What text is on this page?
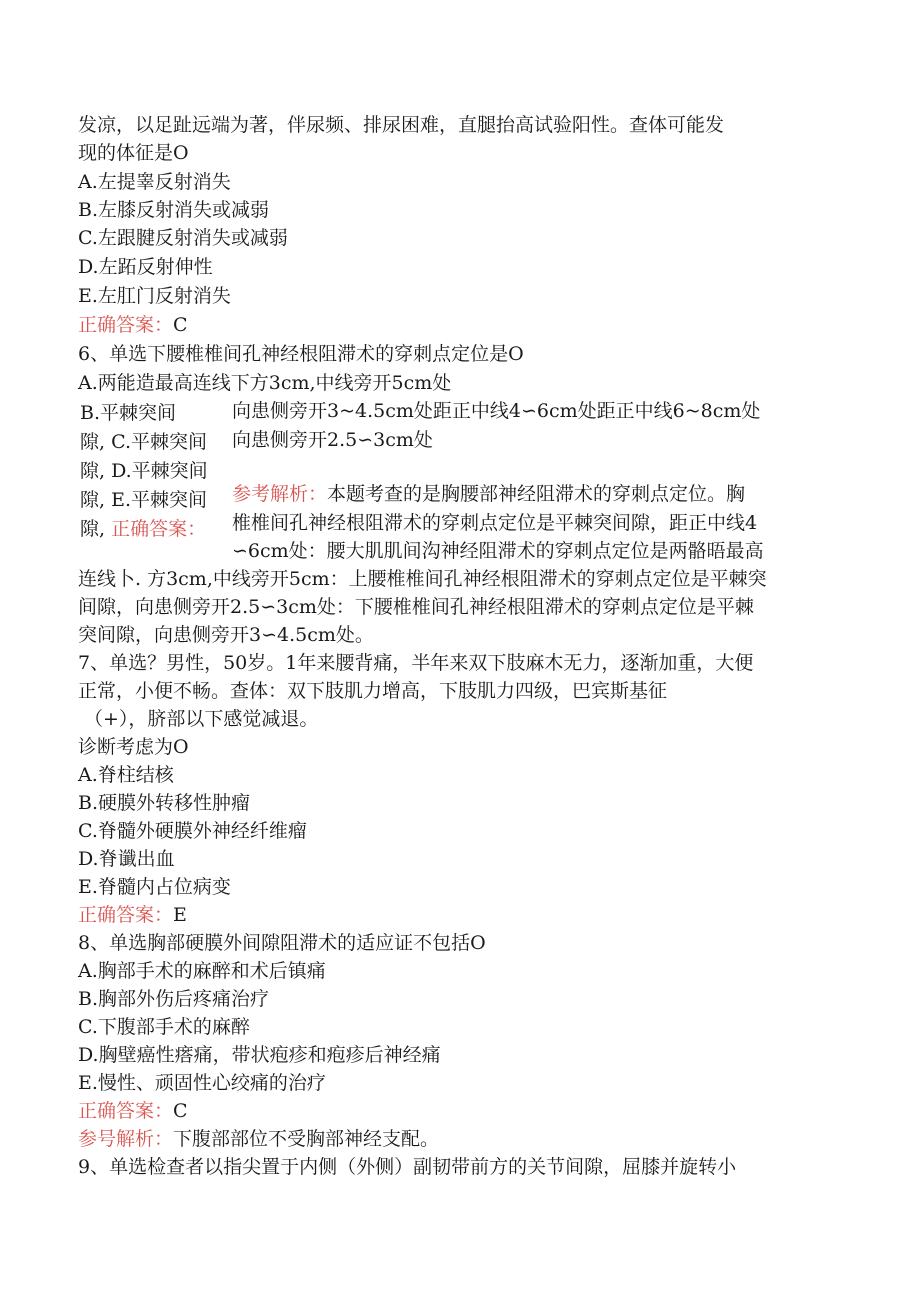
发凉，以足趾远端为著，伴尿频、排尿困难，直腿抬高试验阳性。查体可能发
现的体征是O
A.左提睾反射消失
B.左膝反射消失或减弱
C.左跟腱反射消失或减弱
D.左跖反射伸性
E.左肛门反射消失
正确答案：C
6、单选下腰椎椎间孔神经根阻滞术的穿刺点定位是O
A.两能造最高连线下方3cm,中线旁开5cm处
B.平棘突间
隙, C.平棘突间
隙, D.平棘突间
隙, E.平棘突间
隙, 正确答案：
向患侧旁开3~4.5cm处距正中线4∽6cm处距正中线6~8cm处
向患侧旁开2.5∽3cm处
参考解析：本题考查的是胸腰部神经阻滞术的穿刺点定位。胸
椎椎间孔神经根阻滞术的穿刺点定位是平棘突间隙，距正中线4
∽6cm处：腰大肌肌间沟神经阻滞术的穿刺点定位是两骼晤最高
连线卜. 方3cm,中线旁开5cm：上腰椎椎间孔神经根阻滞术的穿刺点定位是平棘突
间隙，向患侧旁开2.5∽3cm处：下腰椎椎间孔神经根阻滞术的穿刺点定位是平棘
突间隙，向患侧旁开3∽4.5cm处。
7、单选？男性，50岁。1年来腰背痛，半年来双下肢麻木无力，逐渐加重，大便
正常，小便不畅。查体：双下肢肌力增高，下肢肌力四级，巴宾斯基征
（+），脐部以下感觉减退。
诊断考虑为O
A.脊柱结核
B.硬膜外转移性肿瘤
C.脊髓外硬膜外神经纤维瘤
D.脊谶出血
E.脊髓内占位病变
正确答案：E
8、单选胸部硬膜外间隙阻滞术的适应证不包括O
A.胸部手术的麻醉和术后镇痛
B.胸部外伤后疼痛治疗
C.下腹部手术的麻醉
D.胸壁癌性瘩痛，带状疱疹和疱疹后神经痛
E.慢性、顽固性心绞痛的治疗
正确答案：C
参号解析：下腹部部位不受胸部神经支配。
9、单选检查者以指尖置于内侧（外侧）副韧带前方的关节间隙，屈膝并旋转小
